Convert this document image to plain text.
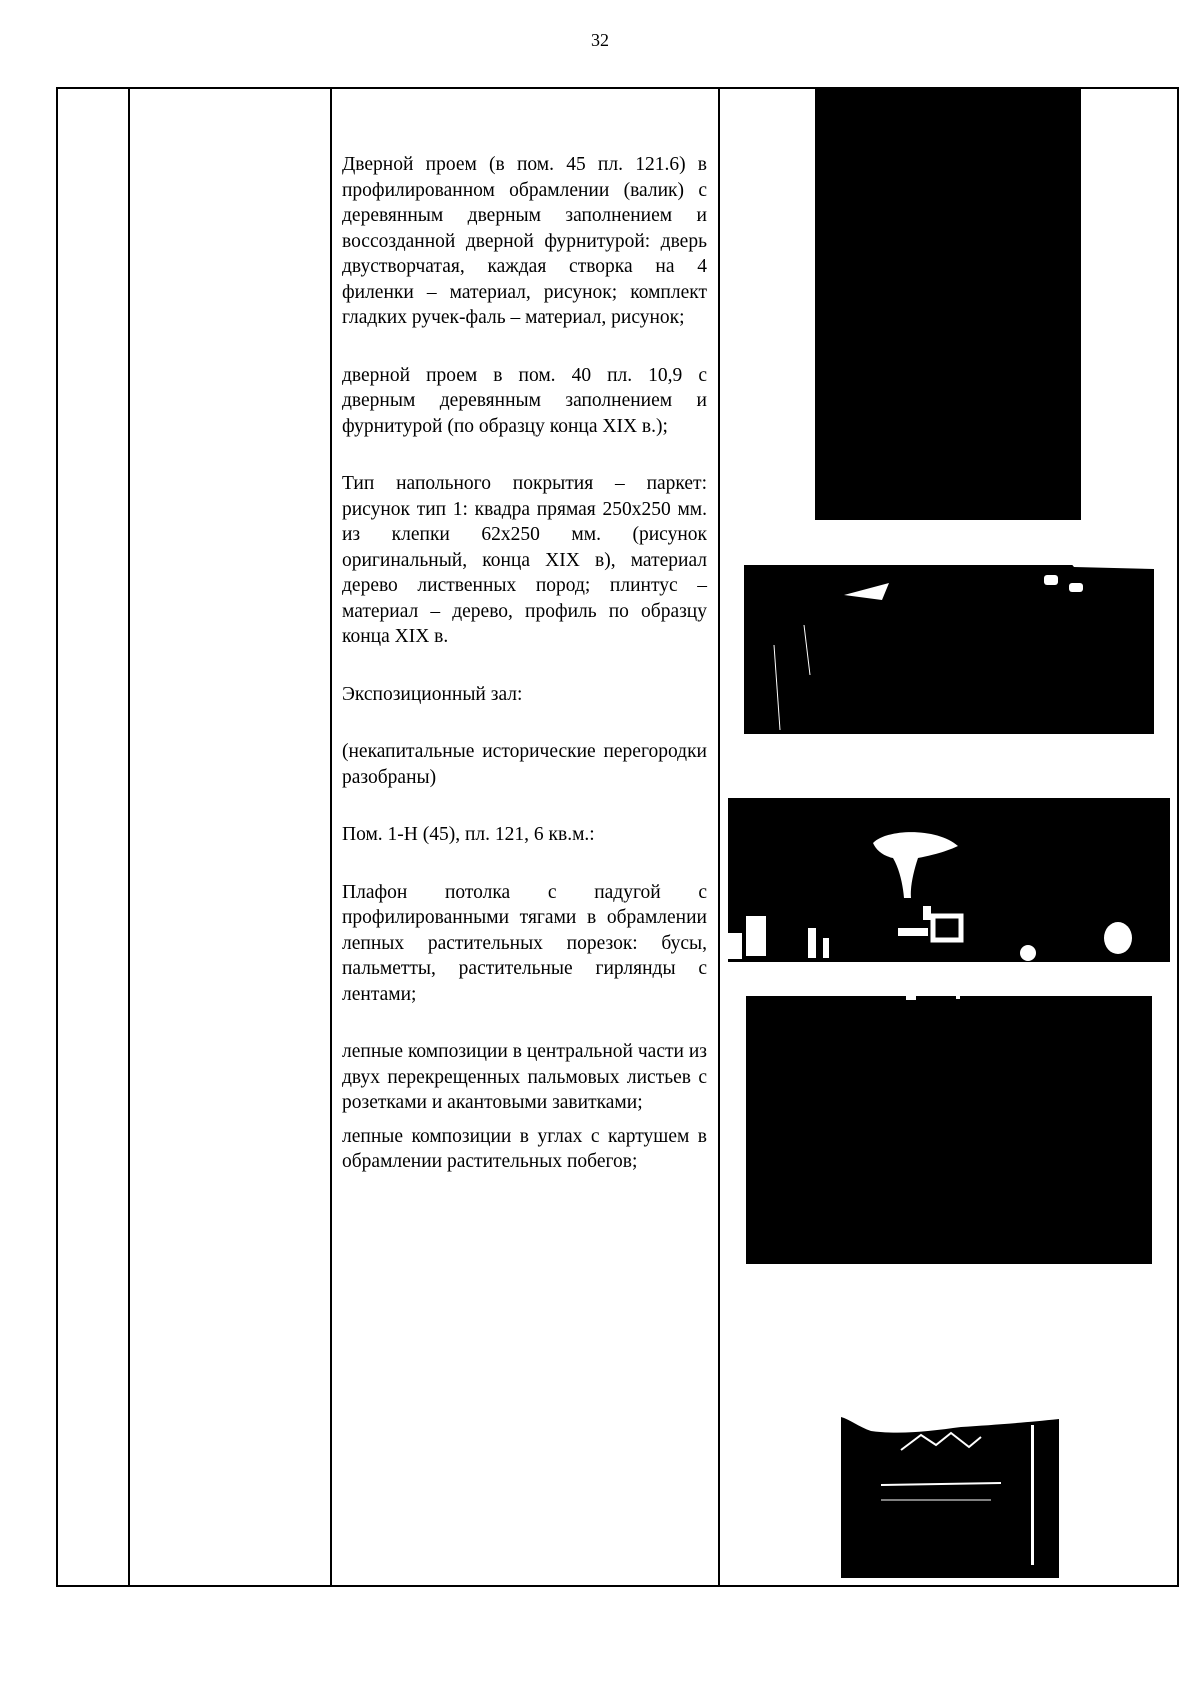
32

Дверной проем (в пом. 45 пл. 121.6) в профилированном обрамлении (валик) с деревянным дверным заполнением и воссозданной дверной фурнитурой: дверь двустворчатая, каждая створка на 4 филенки – материал, рисунок; комплект гладких ручек-фаль – материал, рисунок;

дверной проем в пом. 40 пл. 10,9 с дверным деревянным заполнением и фурнитурой (по образцу конца XIX в.);

Тип напольного покрытия – паркет: рисунок тип 1: квадра прямая 250х250 мм. из клепки 62х250 мм. (рисунок оригинальный, конца XIX в), материал дерево лиственных пород; плинтус – материал – дерево, профиль по образцу конца XIX в.

Экспозиционный зал:

(некапитальные исторические перегородки разобраны)

Пом. 1-Н (45), пл. 121, 6 кв.м.:

Плафон потолка с падугой с профилированными тягами в обрамлении лепных растительных порезок: бусы, пальметты, растительные гирлянды с лентами;

лепные композиции в центральной части из двух перекрещенных пальмовых листьев с розетками и акантовыми завитками;

лепные композиции в углах с картушем в обрамлении растительных побегов;
